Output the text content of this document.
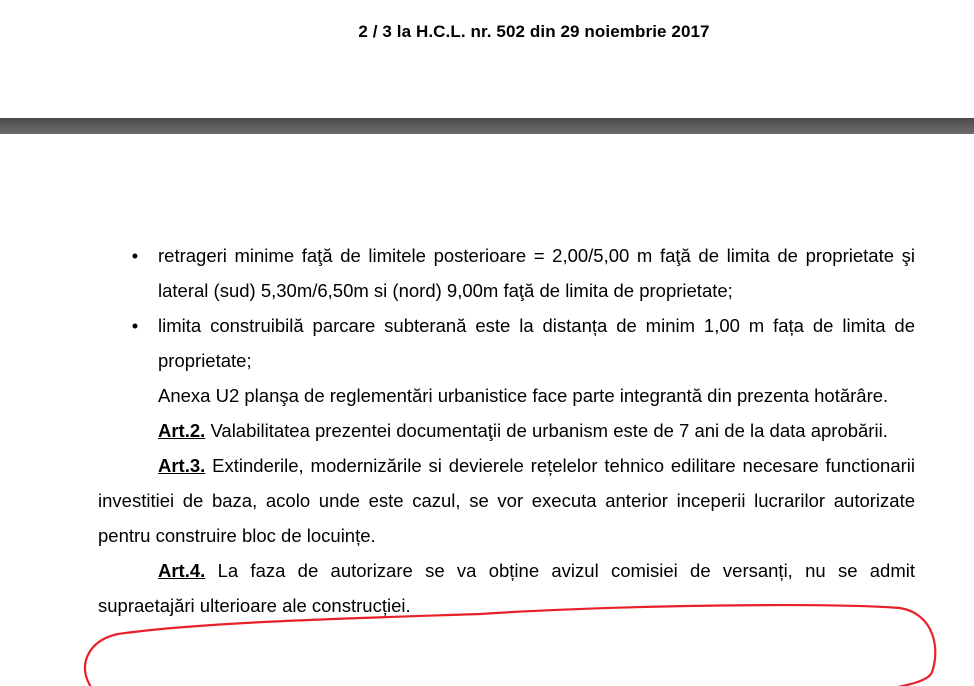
2 / 3 la H.C.L. nr. 502 din 29 noiembrie 2017
• retrageri minime faţă de limitele posterioare = 2,00/5,00 m faţă de limita de proprietate şi lateral (sud) 5,30m/6,50m si (nord) 9,00m faţă de limita de proprietate;
• limita construibilă parcare subterană este la distanța de minim 1,00 m fața de limita de proprietate;

Anexa U2 planşa de reglementări urbanistice face parte integrantă din prezenta hotărâre.

Art.2. Valabilitatea prezentei documentaţii de urbanism este de 7 ani de la data aprobării.

Art.3. Extinderile, modernizările si devierele rețelelor tehnico edilitare necesare functionarii investitiei de baza, acolo unde este cazul, se vor executa anterior inceperii lucrarilor autorizate pentru construire bloc de locuințe.

Art.4. La faza de autorizare se va obține avizul comisiei de versanți, nu se admit supraetajări ulterioare ale construcției.
